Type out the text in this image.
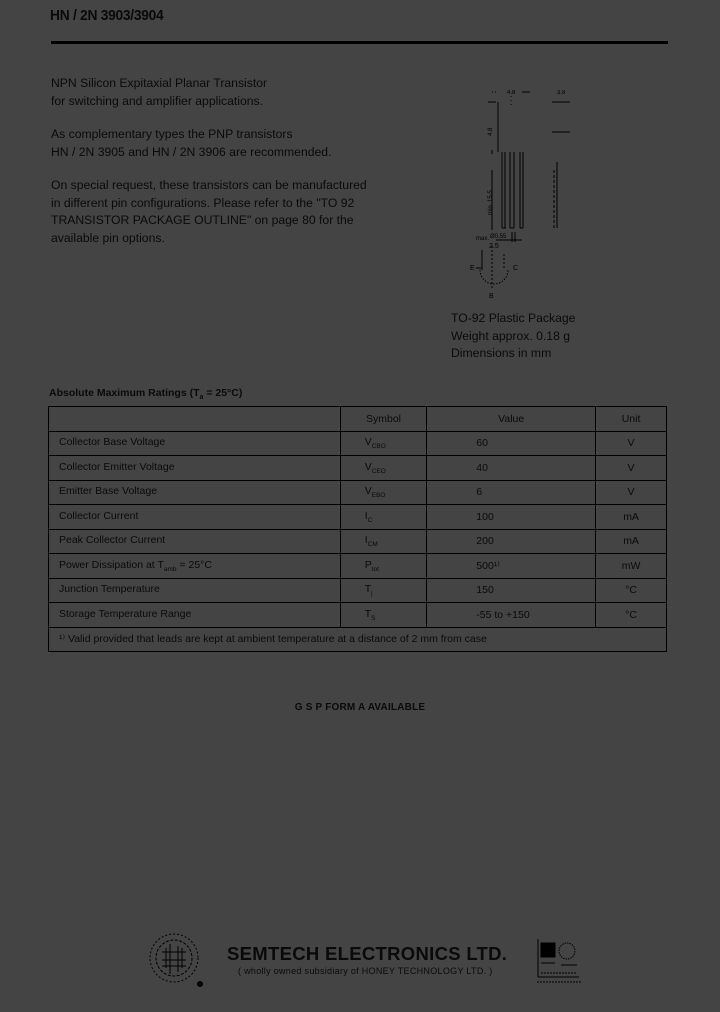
HN / 2N 3903/3904

NPN Silicon Expitaxial Planar Transistor
for switching and amplifier applications.

As complementary types the PNP transistors
HN / 2N 3905 and HN / 2N 3906 are recommended.

On special request, these transistors can be manufactured
in different pin configurations. Please refer to the "TO 92
TRANSISTOR PACKAGE OUTLINE" on page 80 for the
available pin options.

4.8	3.8
4.8
min. 15.5
max. Ø0.55
2.5
E	C
B
TO-92 Plastic Package
Weight approx. 0.18 g
Dimensions in mm
Absolute Maximum Ratings $(T_a = 25^\circ C)$
	Symbol	Value	Unit
Collector Base Voltage	$V_{CBO}$	60	V
Collector Emitter Voltage	$V_{CEO}$	40	V
Emitter Base Voltage	$V_{EBO}$	6	V
Collector Current	$I_C$	100	mA
Peak Collector Current	$I_{CM}$	200	mA
Power Dissipation at $T_{amb} = 25^\circ C$	$P_{tot}$	500¹⁾	mW
Junction Temperature	$T_j$	150	°C
Storage Temperature Range	$T_S$	-55 to +150	°C
¹⁾ Valid provided that leads are kept at ambient temperature at a distance of 2 mm from case			
G S P FORM A AVAILABLE
SEMTECH ELECTRONICS LTD.
( wholly owned subsidiary of HONEY TECHNOLOGY LTD. )
